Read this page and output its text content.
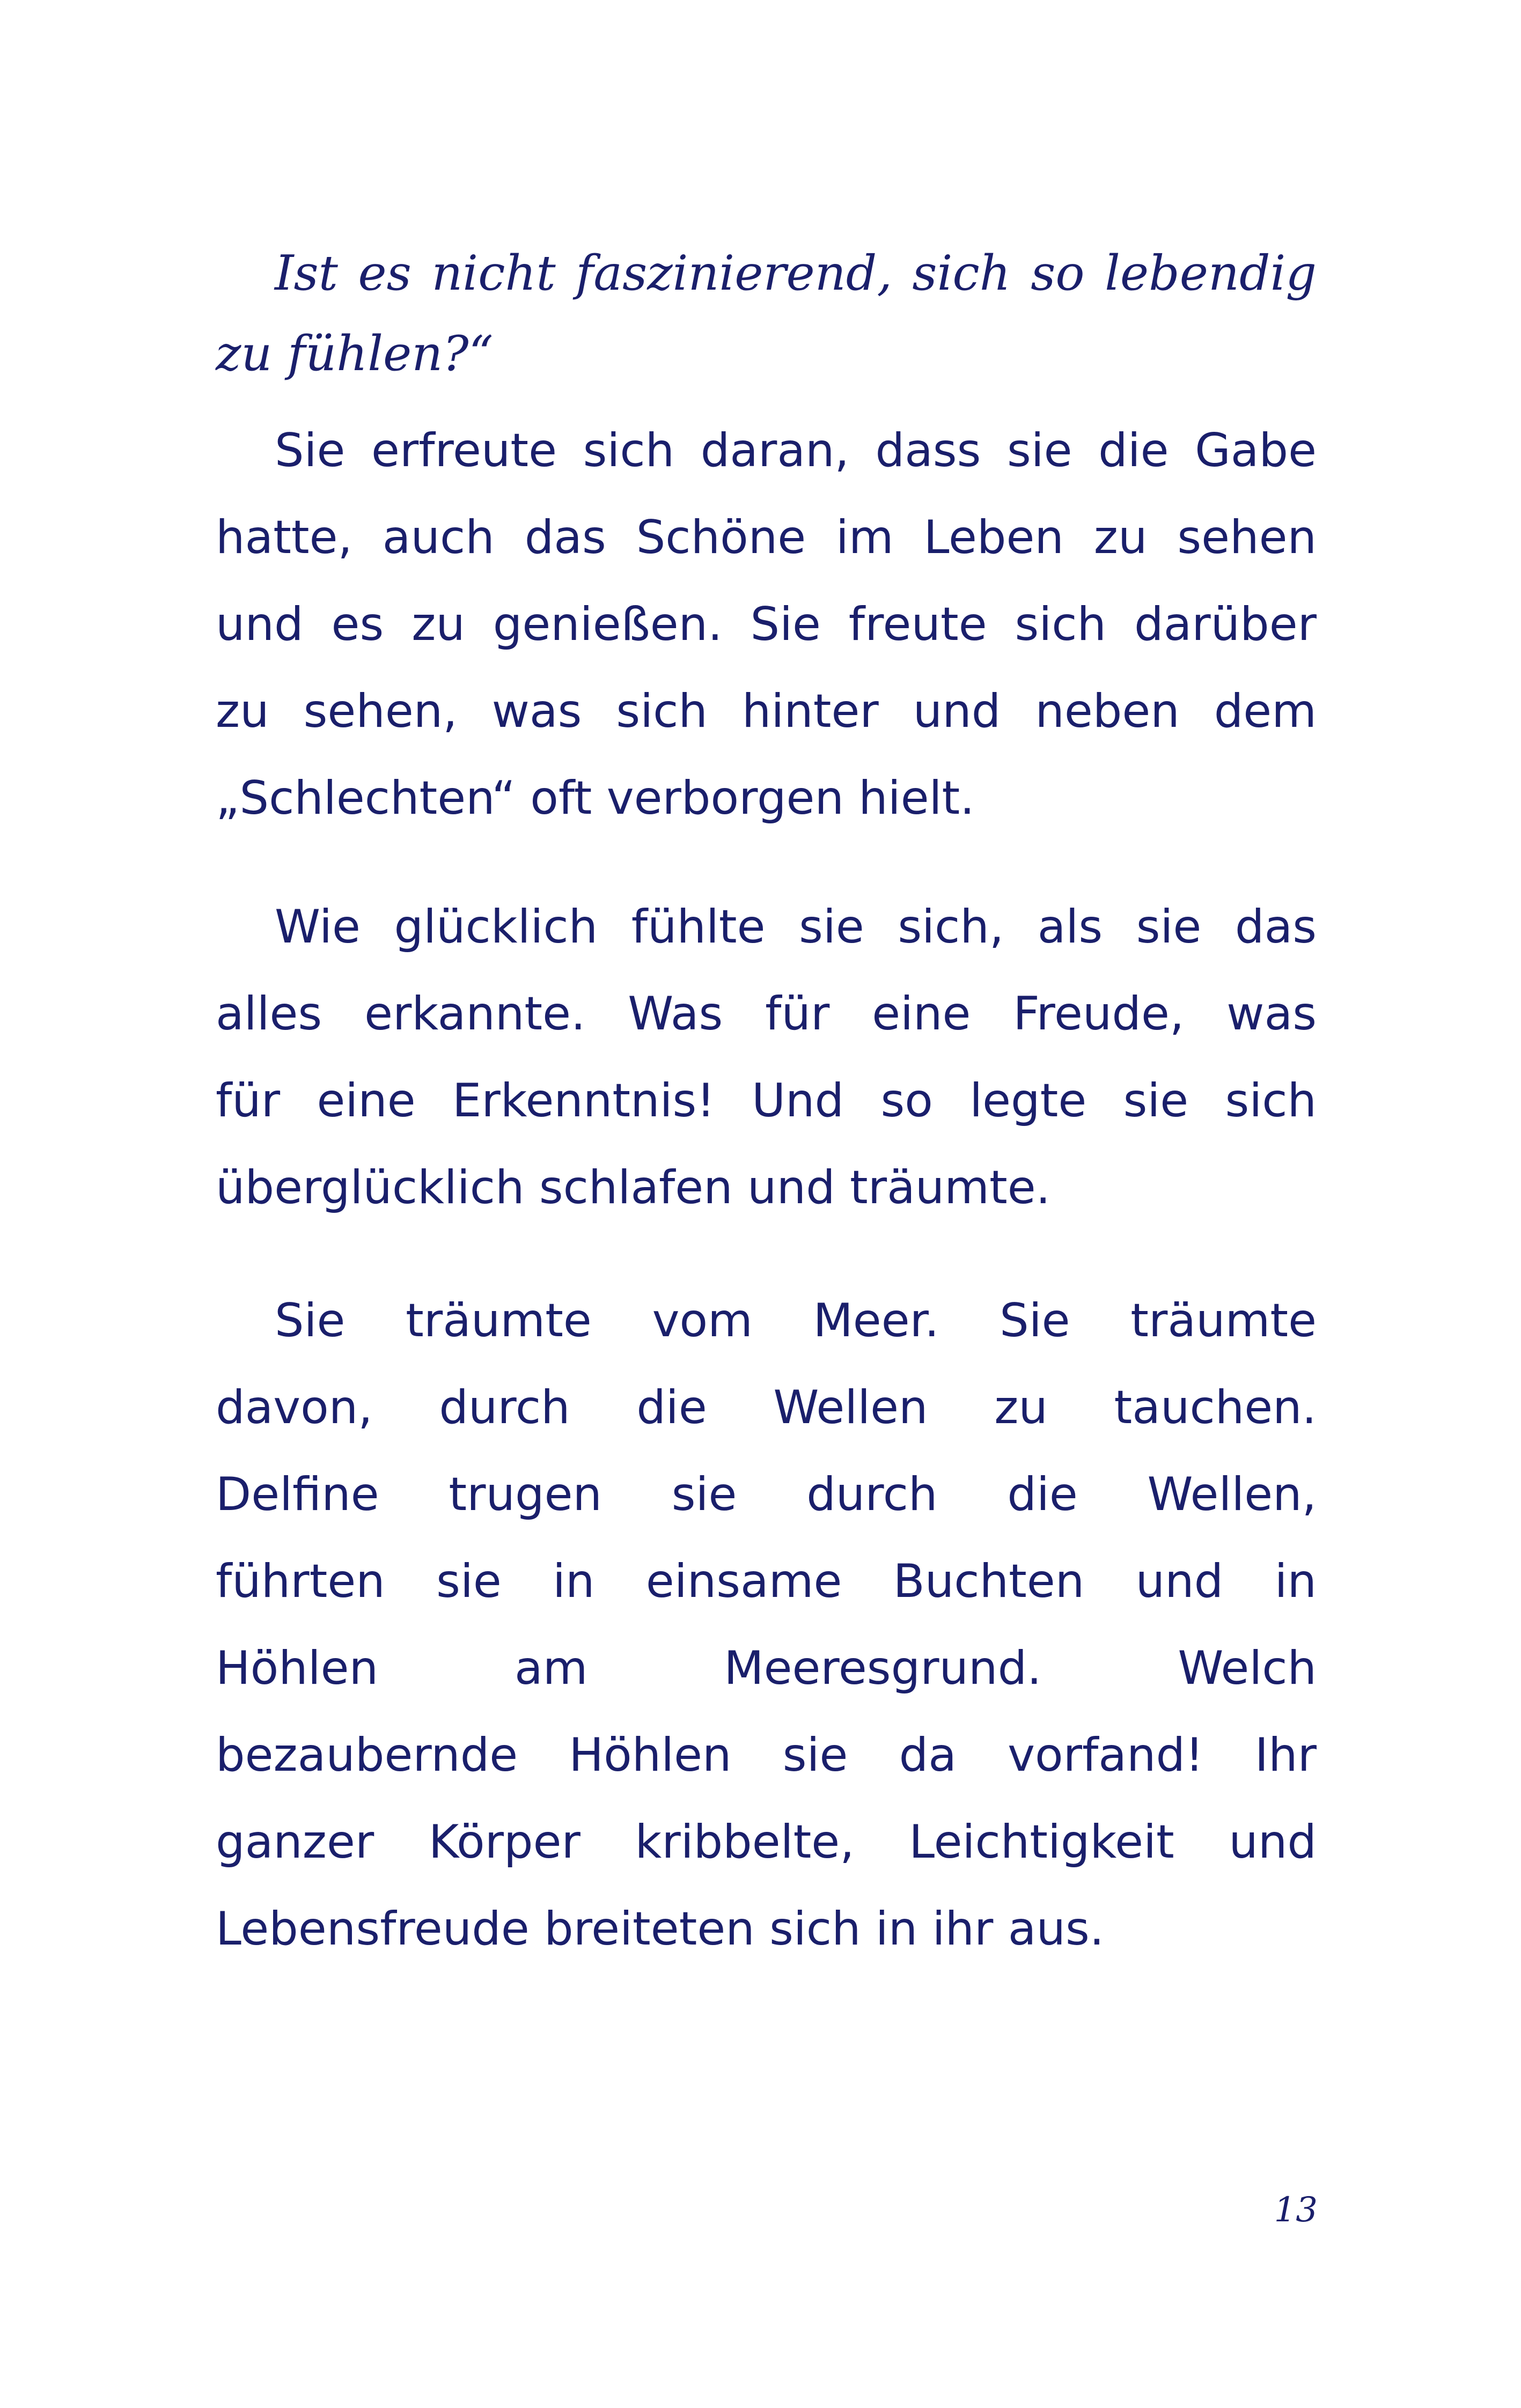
Ist es nicht faszinierend, sich so lebendig
zu fühlen?“
Sie erfreute sich daran, dass sie die Gabe
hatte, auch das Schöne im Leben zu sehen
und es zu genießen. Sie freute sich darüber
zu sehen, was sich hinter und neben dem
„Schlechten“ oft verborgen hielt.
Wie glücklich fühlte sie sich, als sie das
alles erkannte. Was für eine Freude, was
für eine Erkenntnis! Und so legte sie sich
überglücklich schlafen und träumte.
Sie träumte vom Meer. Sie träumte
davon, durch die Wellen zu tauchen.
Delfine trugen sie durch die Wellen,
führten sie in einsame Buchten und in
Höhlen am Meeresgrund. Welch
bezaubernde Höhlen sie da vorfand! Ihr
ganzer Körper kribbelte, Leichtigkeit und
Lebensfreude breiteten sich in ihr aus.
13
